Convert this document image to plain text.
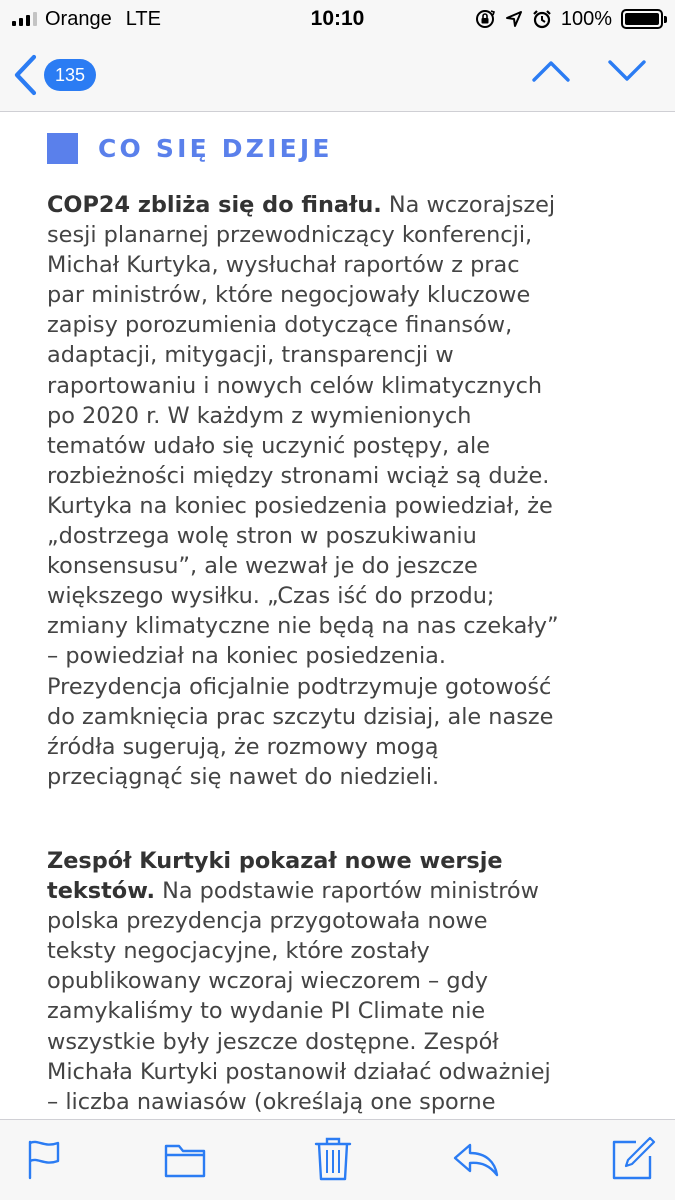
Orange LTE	10:10	100%
135
CO SIĘ DZIEJE
COP24 zbliża się do finału. Na wczorajszej
sesji planarnej przewodniczący konferencji,
Michał Kurtyka, wysłuchał raportów z prac
par ministrów, które negocjowały kluczowe
zapisy porozumienia dotyczące finansów,
adaptacji, mitygacji, transparencji w
raportowaniu i nowych celów klimatycznych
po 2020 r. W każdym z wymienionych
tematów udało się uczynić postępy, ale
rozbieżności między stronami wciąż są duże.
Kurtyka na koniec posiedzenia powiedział, że
„dostrzega wolę stron w poszukiwaniu
konsensusu”, ale wezwał je do jeszcze
większego wysiłku. „Czas iść do przodu;
zmiany klimatyczne nie będą na nas czekały”
– powiedział na koniec posiedzenia.
Prezydencja oficjalnie podtrzymuje gotowość
do zamknięcia prac szczytu dzisiaj, ale nasze
źródła sugerują, że rozmowy mogą
przeciągnąć się nawet do niedzieli.
Zespół Kurtyki pokazał nowe wersje
tekstów. Na podstawie raportów ministrów
polska prezydencja przygotowała nowe
teksty negocjacyjne, które zostały
opublikowany wczoraj wieczorem – gdy
zamykaliśmy to wydanie PI Climate nie
wszystkie były jeszcze dostępne. Zespół
Michała Kurtyki postanowił działać odważniej
– liczba nawiasów (określają one sporne
